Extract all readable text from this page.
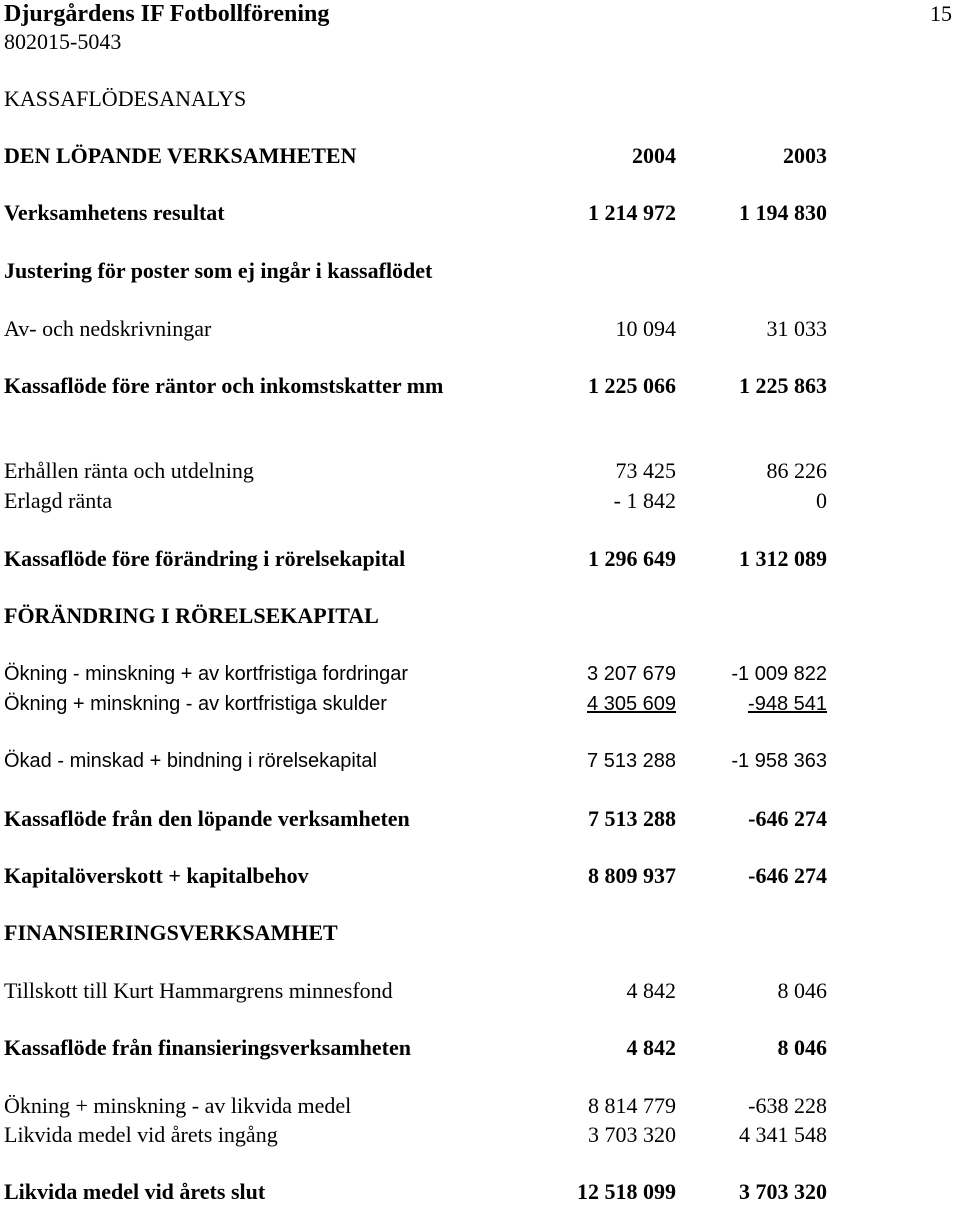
Djurgårdens IF Fotbollförening
802015-5043
15
KASSAFLÖDESANALYS
DEN LÖPANDE VERKSAMHETEN	2004	2003
Verksamhetens resultat	1 214 972	1 194 830
Justering för poster som ej ingår i kassaflödet
Av- och nedskrivningar	10 094	31 033
Kassaflöde före räntor och inkomstskatter mm	1 225 066	1 225 863
Erhållen ränta och utdelning	73 425	86 226
Erlagd ränta	- 1 842	0
Kassaflöde före förändring i rörelsekapital	1 296 649	1 312 089
FÖRÄNDRING I RÖRELSEKAPITAL
Ökning - minskning + av kortfristiga fordringar	3 207 679	-1 009 822
Ökning + minskning - av kortfristiga skulder	4 305 609	-948 541
Ökad - minskad + bindning i rörelsekapital	7 513 288	-1 958 363
Kassaflöde från den löpande verksamheten	7 513 288	-646 274
Kapitalöverskott + kapitalbehov	8 809 937	-646 274
FINANSIERINGSVERKSAMHET
Tillskott till Kurt Hammargrens minnesfond	4 842	8 046
Kassaflöde från finansieringsverksamheten	4 842	8 046
Ökning + minskning - av likvida medel	8 814 779	-638 228
Likvida medel vid årets ingång	3 703 320	4 341 548
Likvida medel vid årets slut	12 518 099	3 703 320
